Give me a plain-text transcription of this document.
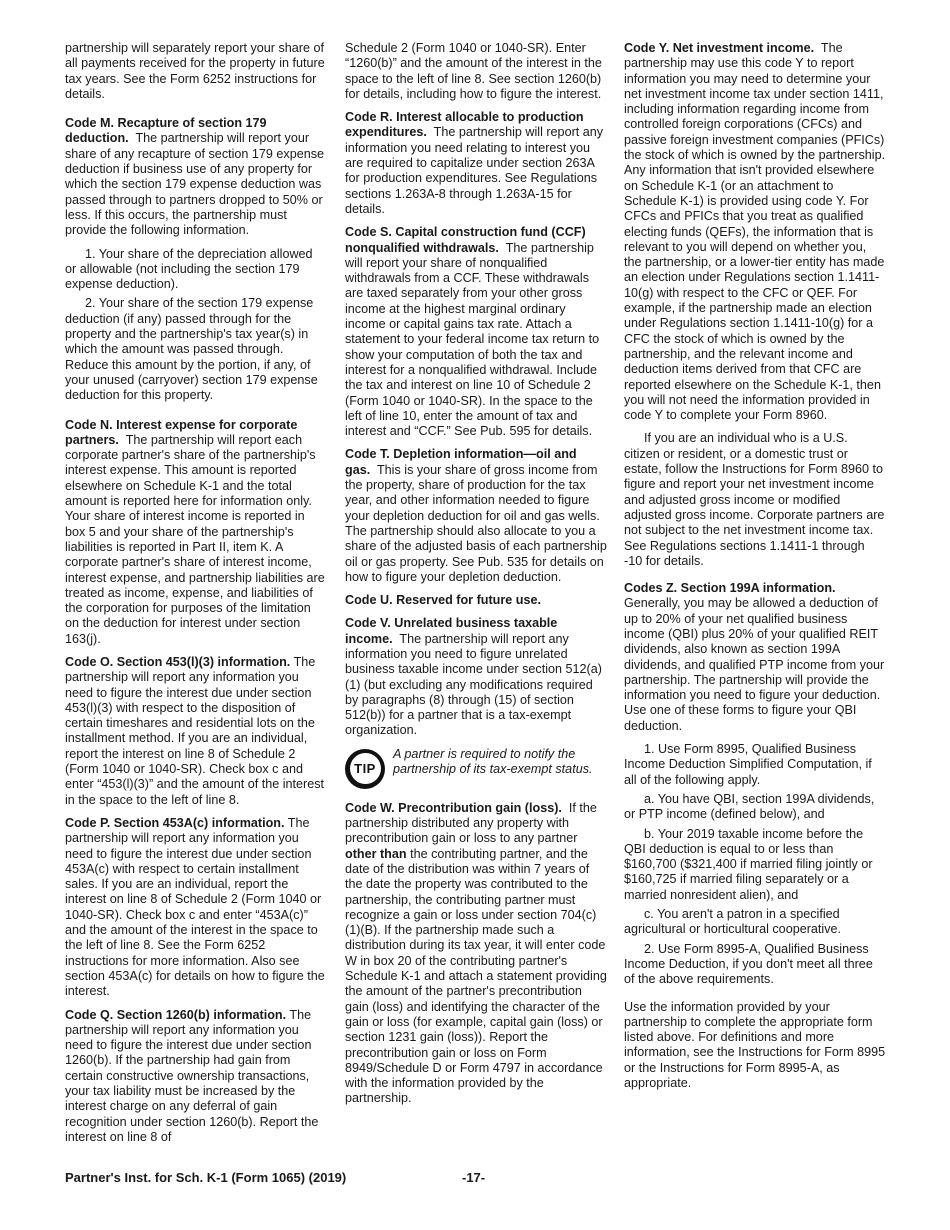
partnership will separately report your share of all payments received for the property in future tax years. See the Form 6252 instructions for details.

Code M. Recapture of section 179 deduction. The partnership will report your share of any recapture of section 179 expense deduction if business use of any property for which the section 179 expense deduction was passed through to partners dropped to 50% or less. If this occurs, the partnership must provide the following information.

1. Your share of the depreciation allowed or allowable (not including the section 179 expense deduction).

2. Your share of the section 179 expense deduction (if any) passed through for the property and the partnership's tax year(s) in which the amount was passed through. Reduce this amount by the portion, if any, of your unused (carryover) section 179 expense deduction for this property.

Code N. Interest expense for corporate partners. The partnership will report each corporate partner's share of the partnership's interest expense. This amount is reported elsewhere on Schedule K-1 and the total amount is reported here for information only. Your share of interest income is reported in box 5 and your share of the partnership's liabilities is reported in Part II, item K. A corporate partner's share of interest income, interest expense, and partnership liabilities are treated as income, expense, and liabilities of the corporation for purposes of the limitation on the deduction for interest under section 163(j).

Code O. Section 453(l)(3) information. The partnership will report any information you need to figure the interest due under section 453(l)(3) with respect to the disposition of certain timeshares and residential lots on the installment method. If you are an individual, report the interest on line 8 of Schedule 2 (Form 1040 or 1040-SR). Check box c and enter “453(l)(3)” and the amount of the interest in the space to the left of line 8.

Code P. Section 453A(c) information. The partnership will report any information you need to figure the interest due under section 453A(c) with respect to certain installment sales. If you are an individual, report the interest on line 8 of Schedule 2 (Form 1040 or 1040-SR). Check box c and enter “453A(c)” and the amount of the interest in the space to the left of line 8. See the Form 6252 instructions for more information. Also see section 453A(c) for details on how to figure the interest.

Code Q. Section 1260(b) information. The partnership will report any information you need to figure the interest due under section 1260(b). If the partnership had gain from certain constructive ownership transactions, your tax liability must be increased by the interest charge on any deferral of gain recognition under section 1260(b). Report the interest on line 8 of

Schedule 2 (Form 1040 or 1040-SR). Enter “1260(b)” and the amount of the interest in the space to the left of line 8. See section 1260(b) for details, including how to figure the interest.

Code R. Interest allocable to production expenditures. The partnership will report any information you need relating to interest you are required to capitalize under section 263A for production expenditures. See Regulations sections 1.263A-8 through 1.263A-15 for details.

Code S. Capital construction fund (CCF) nonqualified withdrawals. The partnership will report your share of nonqualified withdrawals from a CCF. These withdrawals are taxed separately from your other gross income at the highest marginal ordinary income or capital gains tax rate. Attach a statement to your federal income tax return to show your computation of both the tax and interest for a nonqualified withdrawal. Include the tax and interest on line 10 of Schedule 2 (Form 1040 or 1040-SR). In the space to the left of line 10, enter the amount of tax and interest and “CCF.” See Pub. 595 for details.

Code T. Depletion information—oil and gas. This is your share of gross income from the property, share of production for the tax year, and other information needed to figure your depletion deduction for oil and gas wells. The partnership should also allocate to you a share of the adjusted basis of each partnership oil or gas property. See Pub. 535 for details on how to figure your depletion deduction.

Code U. Reserved for future use.

Code V. Unrelated business taxable income. The partnership will report any information you need to figure unrelated business taxable income under section 512(a)(1) (but excluding any modifications required by paragraphs (8) through (15) of section 512(b)) for a partner that is a tax-exempt organization.

TIP
A partner is required to notify the partnership of its tax-exempt status.

Code W. Precontribution gain (loss). If the partnership distributed any property with precontribution gain or loss to any partner other than the contributing partner, and the date of the distribution was within 7 years of the date the property was contributed to the partnership, the contributing partner must recognize a gain or loss under section 704(c)(1)(B). If the partnership made such a distribution during its tax year, it will enter code W in box 20 of the contributing partner's Schedule K-1 and attach a statement providing the amount of the partner's precontribution gain (loss) and identifying the character of the gain or loss (for example, capital gain (loss) or section 1231 gain (loss)). Report the precontribution gain or loss on Form 8949/Schedule D or Form 4797 in accordance with the information provided by the partnership.

Code Y. Net investment income. The partnership may use this code Y to report information you may need to determine your net investment income tax under section 1411, including information regarding income from controlled foreign corporations (CFCs) and passive foreign investment companies (PFICs) the stock of which is owned by the partnership. Any information that isn't provided elsewhere on Schedule K-1 (or an attachment to Schedule K-1) is provided using code Y. For CFCs and PFICs that you treat as qualified electing funds (QEFs), the information that is relevant to you will depend on whether you, the partnership, or a lower-tier entity has made an election under Regulations section 1.1411-10(g) with respect to the CFC or QEF. For example, if the partnership made an election under Regulations section 1.1411-10(g) for a CFC the stock of which is owned by the partnership, and the relevant income and deduction items derived from that CFC are reported elsewhere on the Schedule K-1, then you will not need the information provided in code Y to complete your Form 8960.

If you are an individual who is a U.S. citizen or resident, or a domestic trust or estate, follow the Instructions for Form 8960 to figure and report your net investment income and adjusted gross income or modified adjusted gross income. Corporate partners are not subject to the net investment income tax. See Regulations sections 1.1411-1 through -10 for details.

Codes Z. Section 199A information. Generally, you may be allowed a deduction of up to 20% of your net qualified business income (QBI) plus 20% of your qualified REIT dividends, also known as section 199A dividends, and qualified PTP income from your partnership. The partnership will provide the information you need to figure your deduction. Use one of these forms to figure your QBI deduction.

1. Use Form 8995, Qualified Business Income Deduction Simplified Computation, if all of the following apply.

a. You have QBI, section 199A dividends, or PTP income (defined below), and

b. Your 2019 taxable income before the QBI deduction is equal to or less than $160,700 ($321,400 if married filing jointly or $160,725 if married filing separately or a married nonresident alien), and

c. You aren't a patron in a specified agricultural or horticultural cooperative.

2. Use Form 8995-A, Qualified Business Income Deduction, if you don't meet all three of the above requirements.

Use the information provided by your partnership to complete the appropriate form listed above. For definitions and more information, see the Instructions for Form 8995 or the Instructions for Form 8995-A, as appropriate.

Partner's Inst. for Sch. K-1 (Form 1065) (2019)	-17-
